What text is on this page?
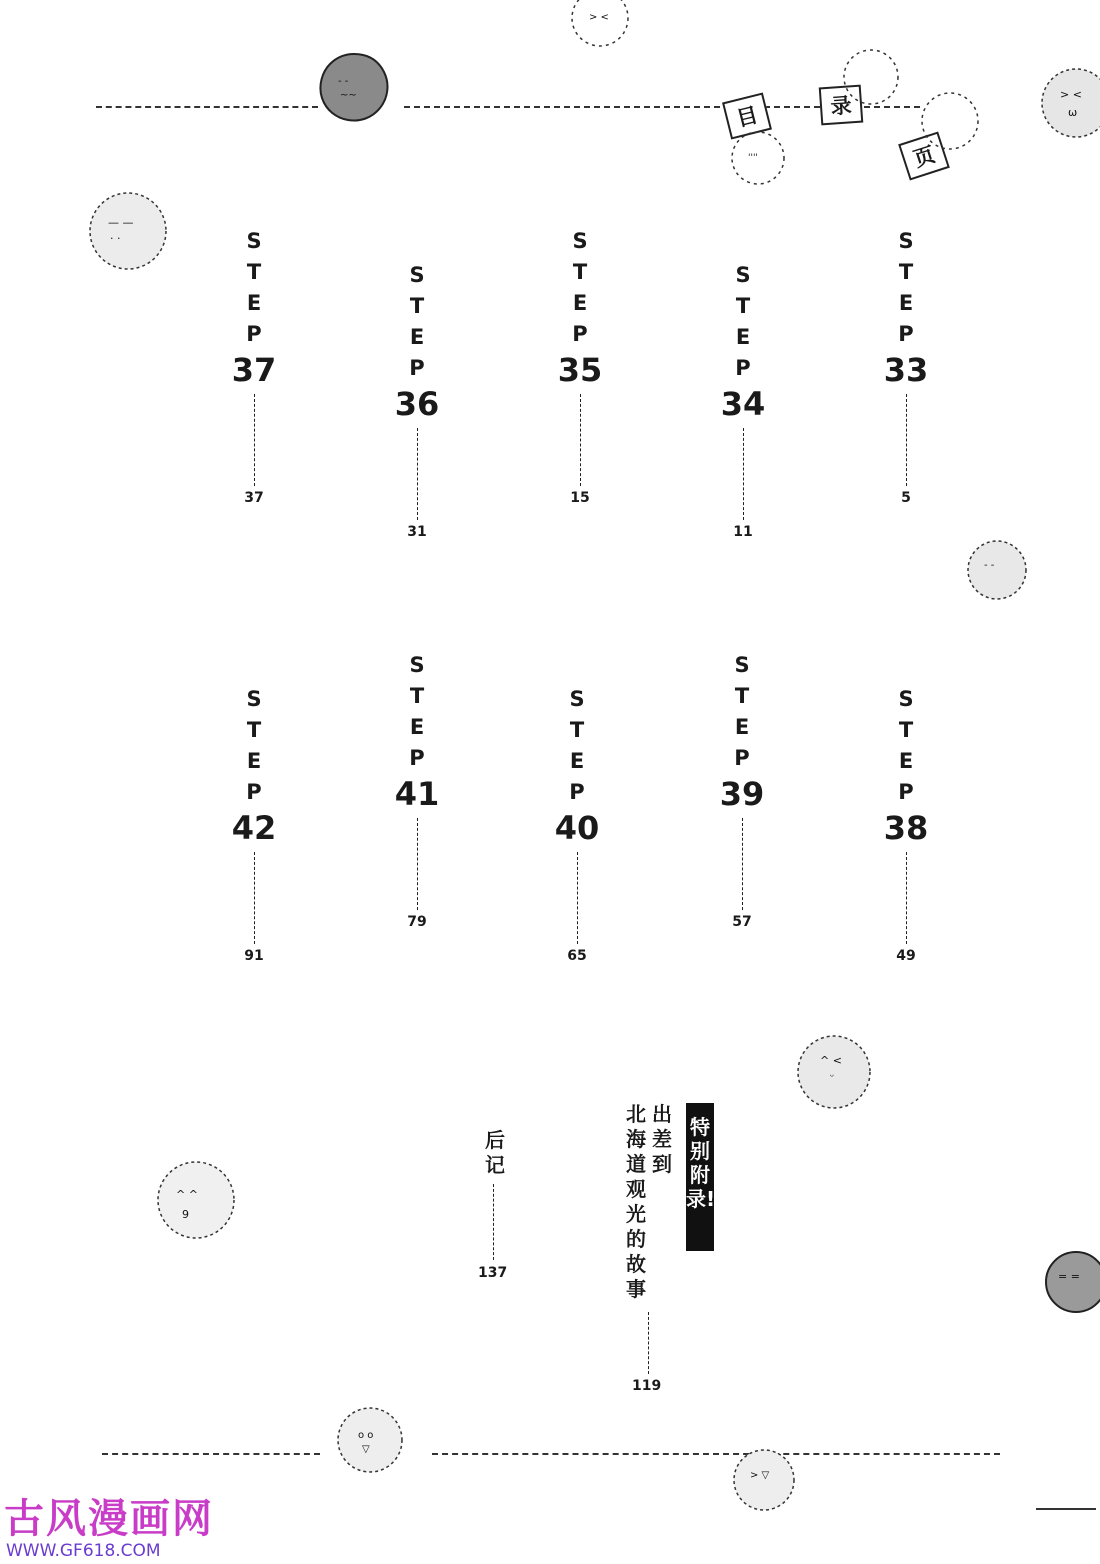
目	录
页
S
T
E
P
37
37
S
T
E
P
36
31
S
T
E
P
35
15
S
T
E
P
34
11
S
T
E
P
33
5
S
T
E
P
42
91
S
T
E
P
41
79
S
T
E
P
40
65
S
T
E
P
39
57
S
T
E
P
38
49
特别附录!
出差到
北海道观光的故事
119
后记
137
- -
~~
> <
''''
> <
ω
— —
· ·
- -
^ <
ᵕ
^ ^
9
= =
o o
▽
> ▽
古风漫画网
WWW.GF618.COM
